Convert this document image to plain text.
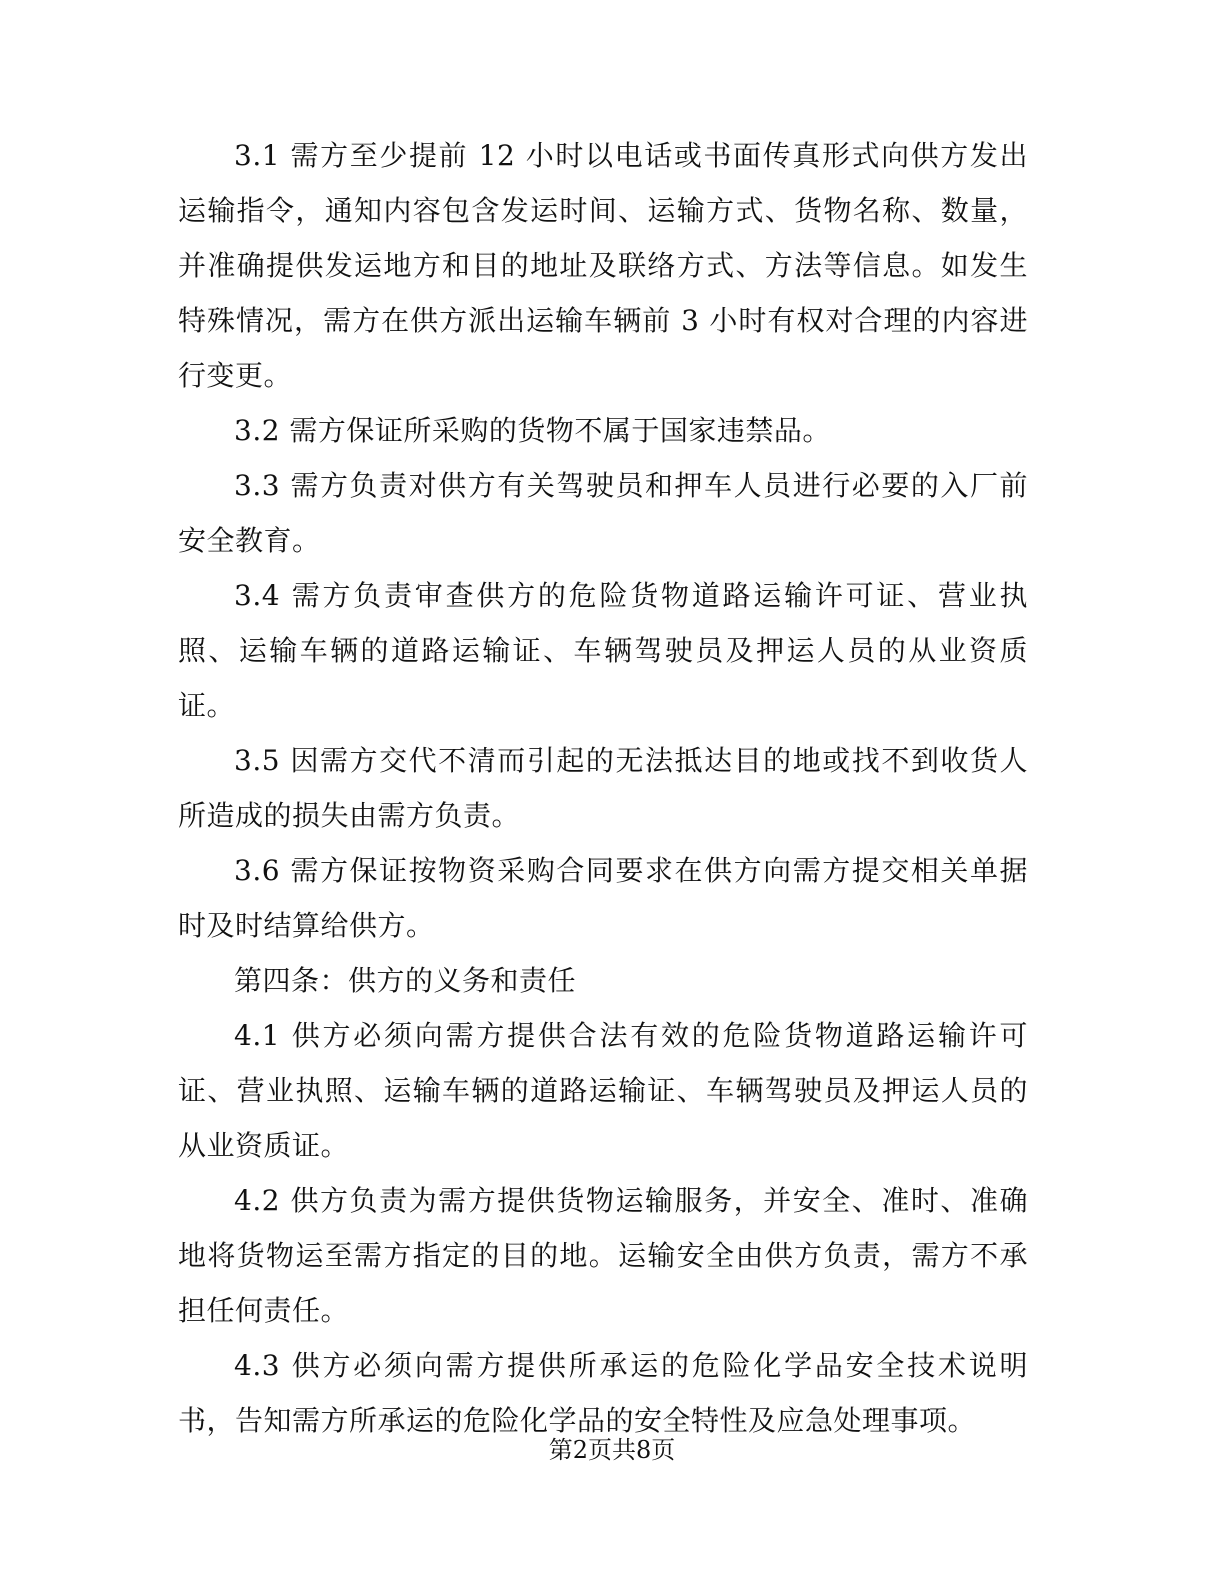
3.1 需方至少提前 12 小时以电话或书面传真形式向供方发出运输指令，通知内容包含发运时间、运输方式、货物名称、数量，并准确提供发运地方和目的地址及联络方式、方法等信息。如发生特殊情况，需方在供方派出运输车辆前 3 小时有权对合理的内容进行变更。

3.2 需方保证所采购的货物不属于国家违禁品。

3.3 需方负责对供方有关驾驶员和押车人员进行必要的入厂前安全教育。

3.4 需方负责审查供方的危险货物道路运输许可证、营业执照、运输车辆的道路运输证、车辆驾驶员及押运人员的从业资质证。

3.5 因需方交代不清而引起的无法抵达目的地或找不到收货人所造成的损失由需方负责。

3.6 需方保证按物资采购合同要求在供方向需方提交相关单据时及时结算给供方。

第四条：供方的义务和责任

4.1 供方必须向需方提供合法有效的危险货物道路运输许可证、营业执照、运输车辆的道路运输证、车辆驾驶员及押运人员的从业资质证。

4.2 供方负责为需方提供货物运输服务，并安全、准时、准确地将货物运至需方指定的目的地。运输安全由供方负责，需方不承担任何责任。

4.3 供方必须向需方提供所承运的危险化学品安全技术说明书，告知需方所承运的危险化学品的安全特性及应急处理事项。

第2页共8页
